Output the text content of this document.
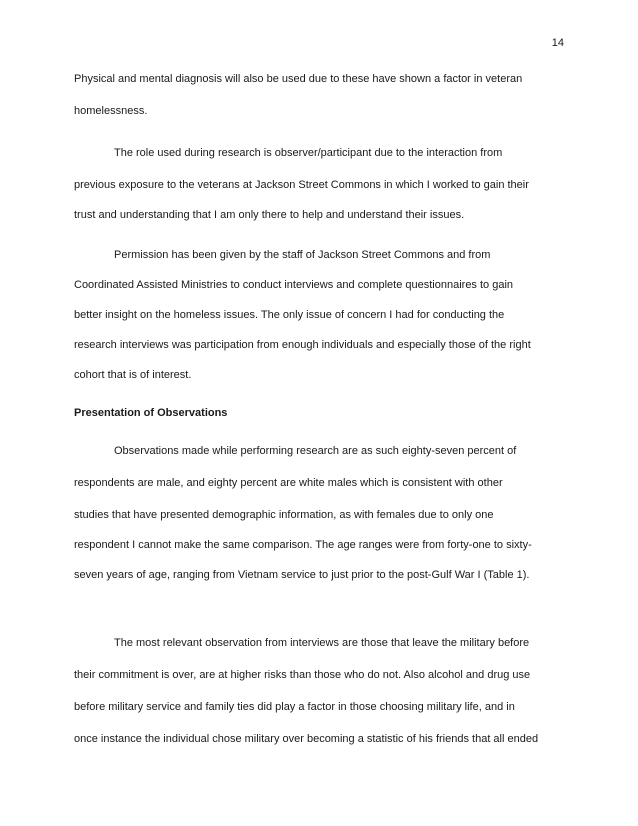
14
Physical and mental diagnosis will also be used due to these have shown a factor in veteran
homelessness.
The role used during research is observer/participant due to the interaction from
previous exposure to the veterans at Jackson Street Commons in which I worked to gain their
trust and understanding that I am only there to help and understand their issues.
Permission has been given by the staff of Jackson Street Commons and from
Coordinated Assisted Ministries to conduct interviews and complete questionnaires to gain
better insight on the homeless issues. The only issue of concern I had for conducting the
research interviews was participation from enough individuals and especially those of the right
cohort that is of interest.
Presentation of Observations
Observations made while performing research are as such eighty-seven percent of
respondents are male, and eighty percent are white males which is consistent with other
studies that have presented demographic information, as with females due to only one
respondent I cannot make the same comparison. The age ranges were from forty-one to sixty-
seven years of age, ranging from Vietnam service to just prior to the post-Gulf War I (Table 1).
The most relevant observation from interviews are those that leave the military before
their commitment is over, are at higher risks than those who do not. Also alcohol and drug use
before military service and family ties did play a factor in those choosing military life, and in
once instance the individual chose military over becoming a statistic of his friends that all ended
